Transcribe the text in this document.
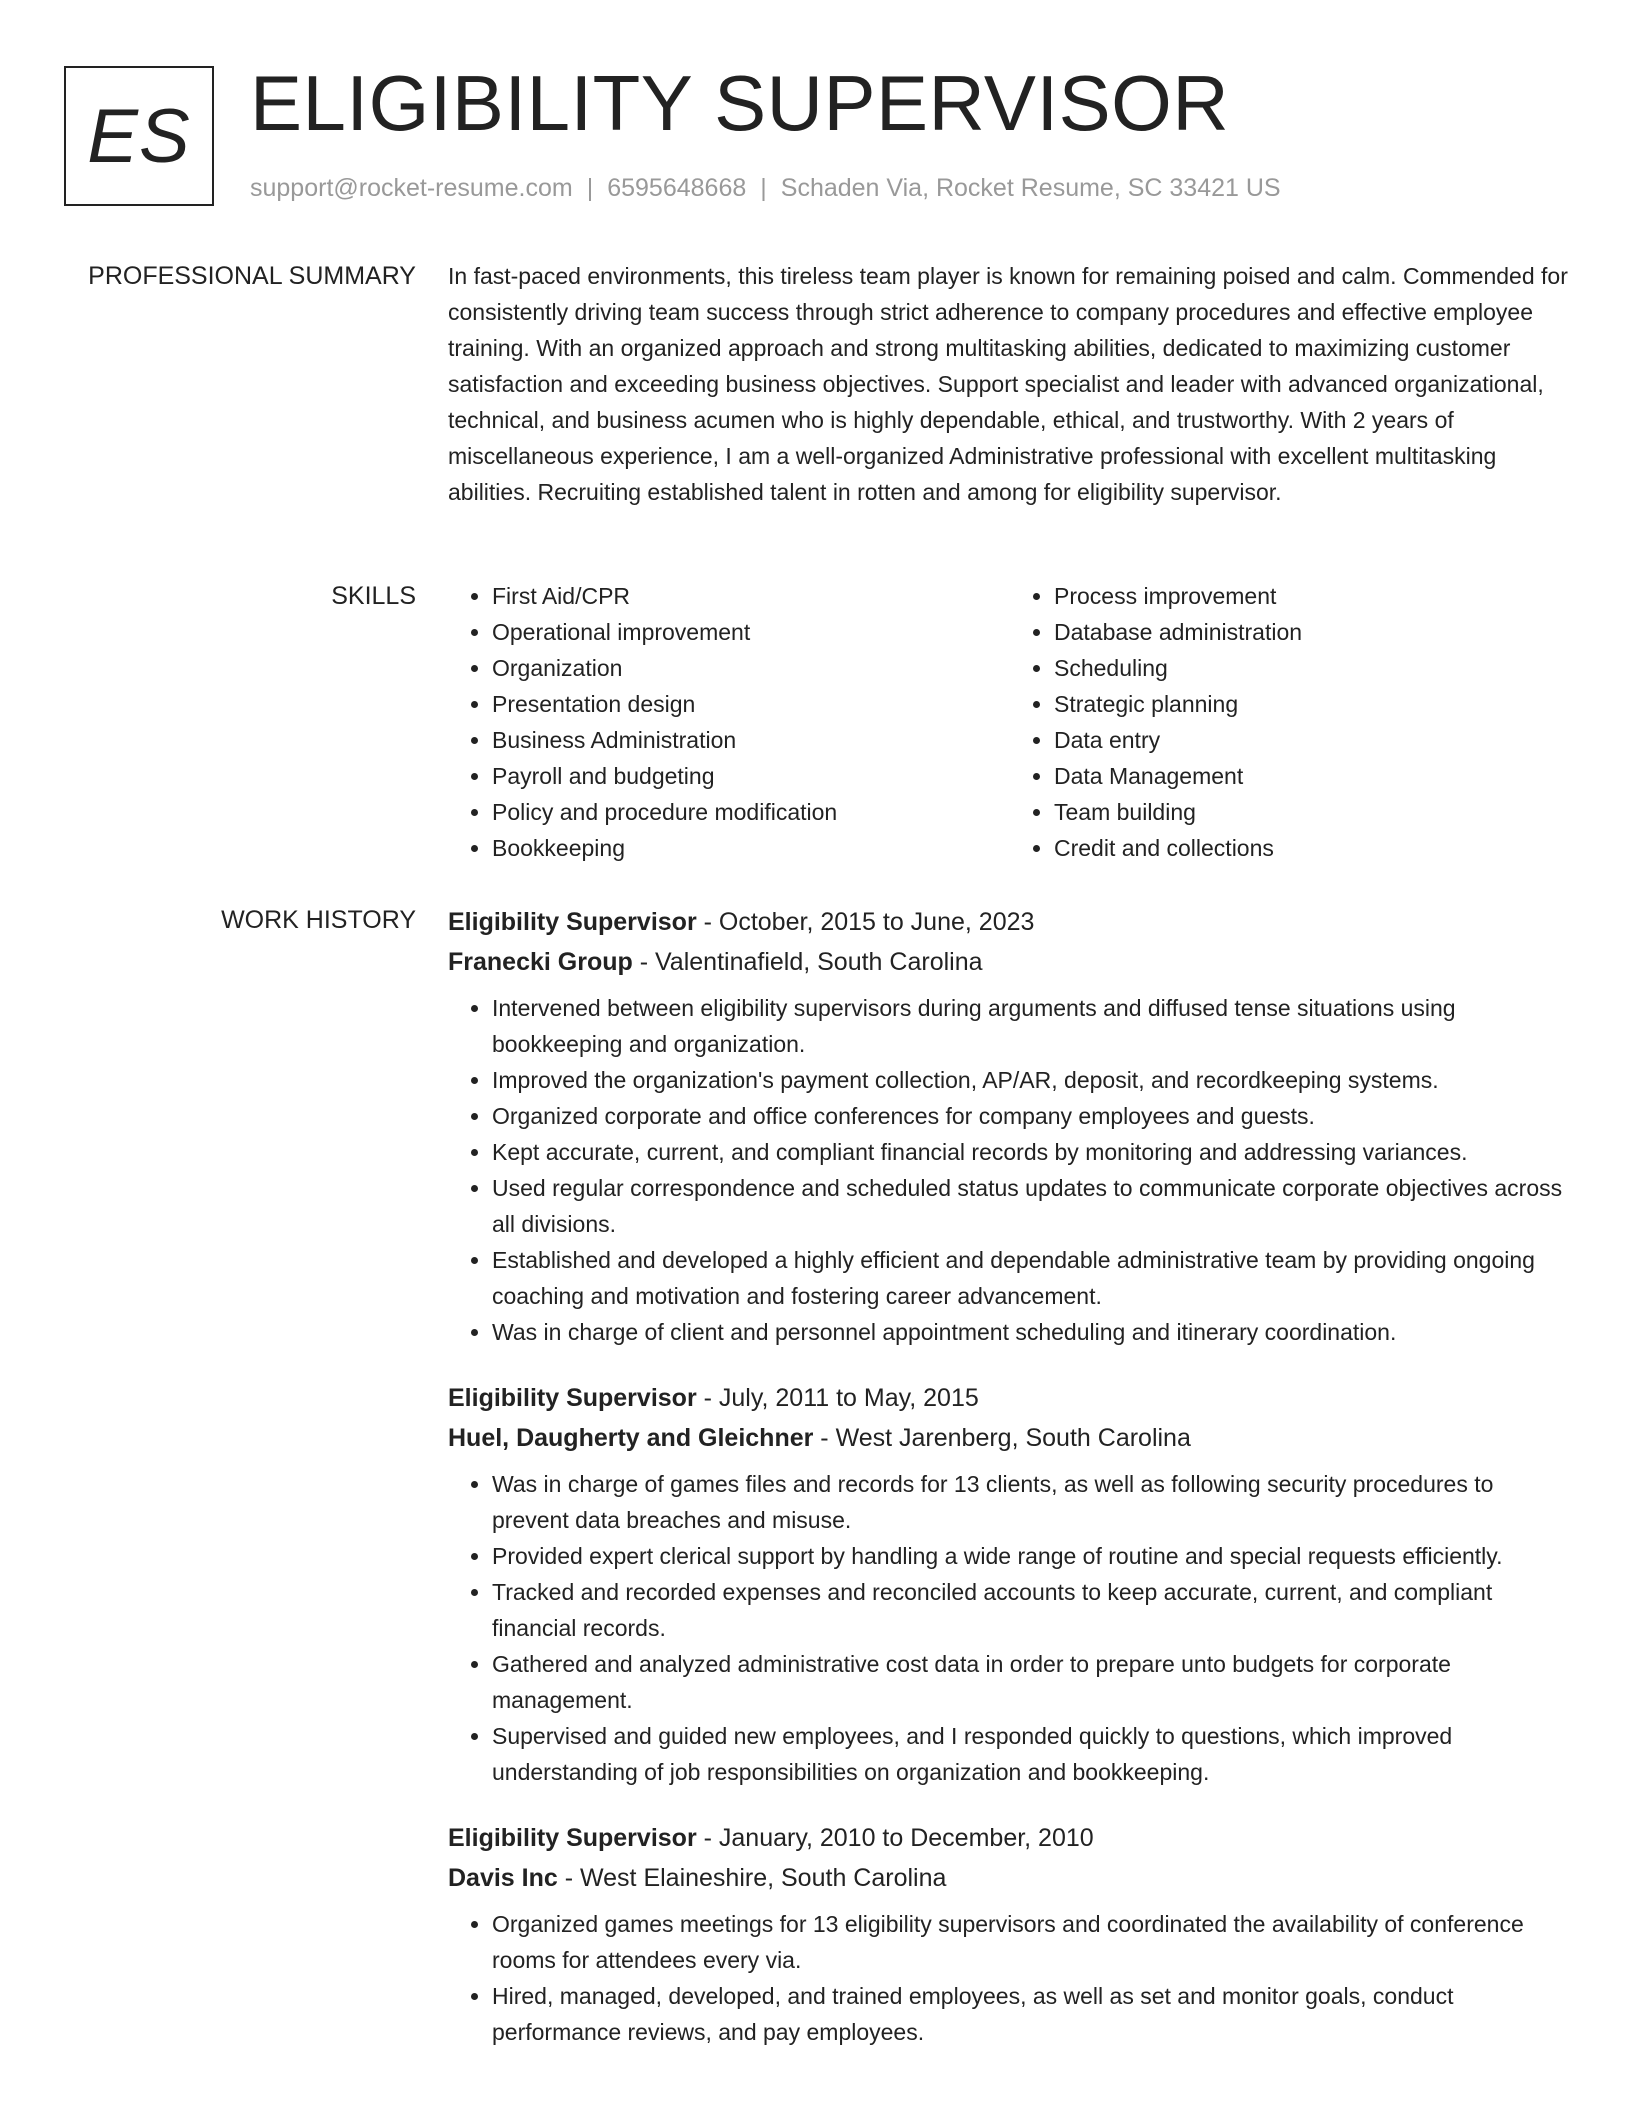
ES ELIGIBILITY SUPERVISOR
support@rocket-resume.com | 6595648668 | Schaden Via, Rocket Resume, SC 33421 US
PROFESSIONAL SUMMARY In fast-paced environments, this tireless team player is known for remaining poised and calm. Commended for consistently driving team success through strict adherence to company procedures and effective employee training. With an organized approach and strong multitasking abilities, dedicated to maximizing customer satisfaction and exceeding business objectives. Support specialist and leader with advanced organizational, technical, and business acumen who is highly dependable, ethical, and trustworthy. With 2 years of miscellaneous experience, I am a well-organized Administrative professional with excellent multitasking abilities. Recruiting established talent in rotten and among for eligibility supervisor.

SKILLS
•	First Aid/CPR
• Operational improvement
• Organization
• Presentation design
• Business Administration
• Payroll and budgeting
• Policy and procedure modification
• Bookkeeping
• Process improvement
• Database administration
• Scheduling
• Strategic planning
• Data entry
• Data Management
• Team building
• Credit and collections
WORK HISTORY Eligibility Supervisor - October, 2015 to June, 2023
Franecki Group - Valentinafield, South Carolina
• Intervened between eligibility supervisors during arguments and diffused tense situations using bookkeeping and organization.
• Improved the organization's payment collection, AP/AR, deposit, and recordkeeping systems.
• Organized corporate and office conferences for company employees and guests.
• Kept accurate, current, and compliant financial records by monitoring and addressing variances.
• Used regular correspondence and scheduled status updates to communicate corporate objectives across all divisions.
• Established and developed a highly efficient and dependable administrative team by providing ongoing coaching and motivation and fostering career advancement.
• Was in charge of client and personnel appointment scheduling and itinerary coordination.
Eligibility Supervisor - July, 2011 to May, 2015
Huel, Daugherty and Gleichner - West Jarenberg, South Carolina
• Was in charge of games files and records for 13 clients, as well as following security procedures to prevent data breaches and misuse.
• Provided expert clerical support by handling a wide range of routine and special requests efficiently.
• Tracked and recorded expenses and reconciled accounts to keep accurate, current, and compliant financial records.
• Gathered and analyzed administrative cost data in order to prepare unto budgets for corporate management.
• Supervised and guided new employees, and I responded quickly to questions, which improved understanding of job responsibilities on organization and bookkeeping.
Eligibility Supervisor - January, 2010 to December, 2010
Davis Inc - West Elaineshire, South Carolina
• Organized games meetings for 13 eligibility supervisors and coordinated the availability of conference rooms for attendees every via.
• Hired, managed, developed, and trained employees, as well as set and monitor goals, conduct performance reviews, and pay employees.
